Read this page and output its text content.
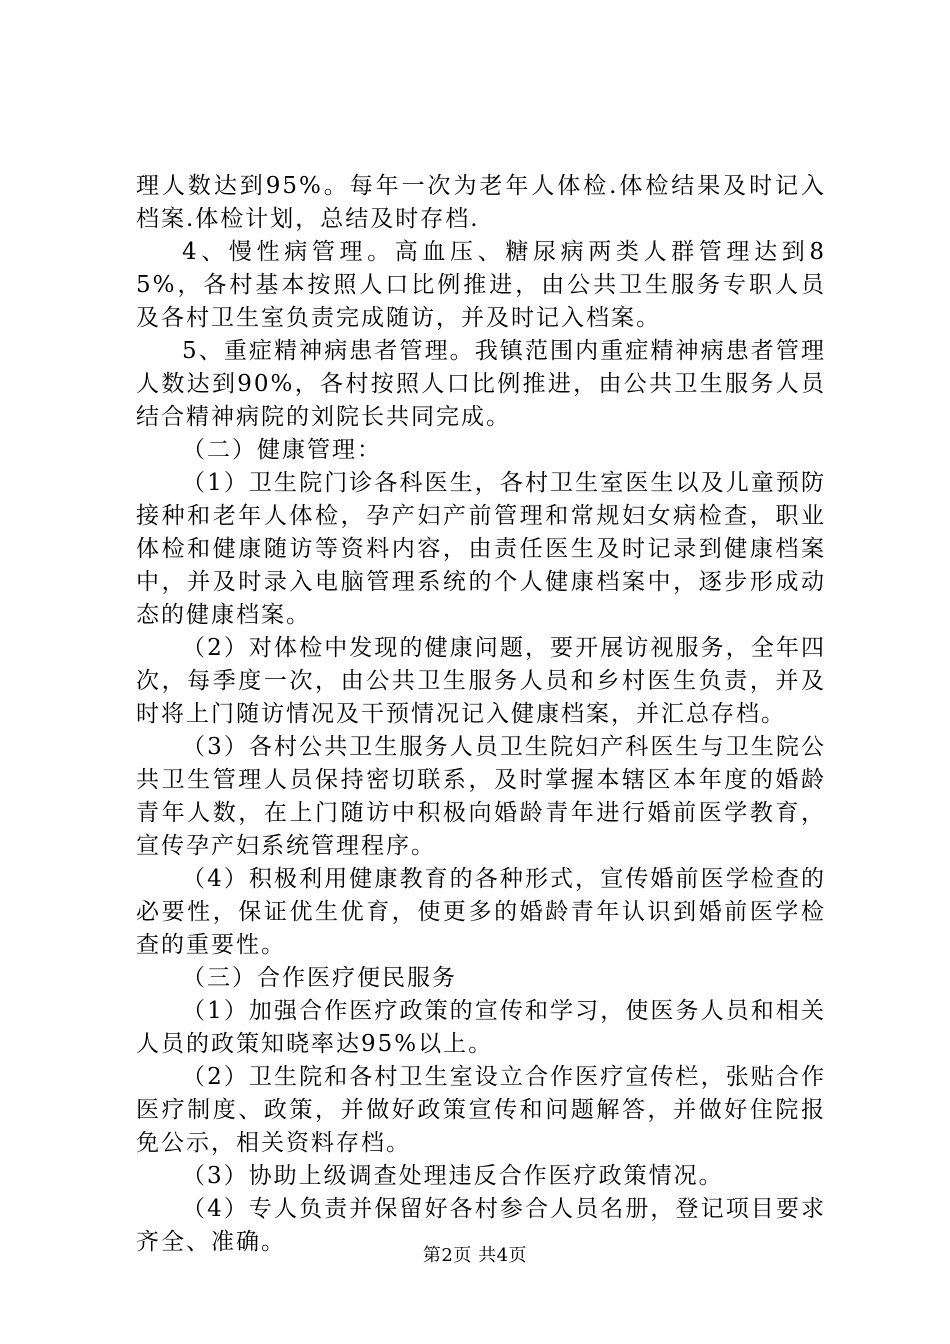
理人数达到95%。每年一次为老年人体检.体检结果及时记入档案.体检计划，总结及时存档.

4、慢性病管理。高血压、糖尿病两类人群管理达到85%，各村基本按照人口比例推进，由公共卫生服务专职人员及各村卫生室负责完成随访，并及时记入档案。

5、重症精神病患者管理。我镇范围内重症精神病患者管理人数达到90%，各村按照人口比例推进，由公共卫生服务人员结合精神病院的刘院长共同完成。

（二）健康管理：

（1）卫生院门诊各科医生，各村卫生室医生以及儿童预防接种和老年人体检，孕产妇产前管理和常规妇女病检查，职业体检和健康随访等资料内容，由责任医生及时记录到健康档案中，并及时录入电脑管理系统的个人健康档案中，逐步形成动态的健康档案。

（2）对体检中发现的健康问题，要开展访视服务，全年四次，每季度一次，由公共卫生服务人员和乡村医生负责，并及时将上门随访情况及干预情况记入健康档案，并汇总存档。

（3）各村公共卫生服务人员卫生院妇产科医生与卫生院公共卫生管理人员保持密切联系，及时掌握本辖区本年度的婚龄青年人数，在上门随访中积极向婚龄青年进行婚前医学教育，宣传孕产妇系统管理程序。

（4）积极利用健康教育的各种形式，宣传婚前医学检查的必要性，保证优生优育，使更多的婚龄青年认识到婚前医学检查的重要性。

（三）合作医疗便民服务

（1）加强合作医疗政策的宣传和学习，使医务人员和相关人员的政策知晓率达95%以上。

（2）卫生院和各村卫生室设立合作医疗宣传栏，张贴合作医疗制度、政策，并做好政策宣传和问题解答，并做好住院报免公示，相关资料存档。

（3）协助上级调查处理违反合作医疗政策情况。

（4）专人负责并保留好各村参合人员名册，登记项目要求齐全、准确。

第2页 共4页
